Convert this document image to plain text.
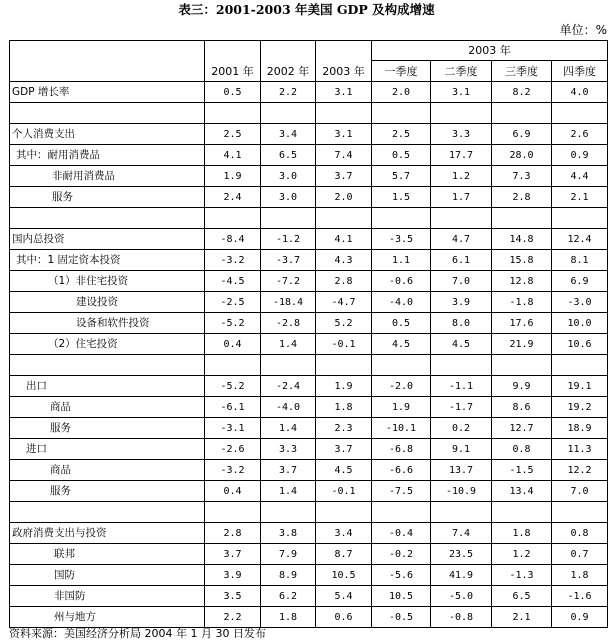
表三：2001-2003 年美国 GDP 及构成增速
单位：%
	2001 年	2002 年	2003 年	2003 年			
				一季度	二季度	三季度	四季度
GDP 增长率	0.5	2.2	3.1	2.0	3.1	8.2	4.0

个人消费支出	2.5	3.4	3.1	2.5	3.3	6.9	2.6
其中：耐用消费品	4.1	6.5	7.4	0.5	17.7	28.0	0.9
非耐用消费品	1.9	3.0	3.7	5.7	1.2	7.3	4.4
服务	2.4	3.0	2.0	1.5	1.7	2.8	2.1

国内总投资	-8.4	-1.2	4.1	-3.5	4.7	14.8	12.4
其中：1 固定资本投资	-3.2	-3.7	4.3	1.1	6.1	15.8	8.1
（1）非住宅投资	-4.5	-7.2	2.8	-0.6	7.0	12.8	6.9
建设投资	-2.5	-18.4	-4.7	-4.0	3.9	-1.8	-3.0
设备和软件投资	-5.2	-2.8	5.2	0.5	8.0	17.6	10.0
（2）住宅投资	0.4	1.4	-0.1	4.5	4.5	21.9	10.6

出口	-5.2	-2.4	1.9	-2.0	-1.1	9.9	19.1
商品	-6.1	-4.0	1.8	1.9	-1.7	8.6	19.2
服务	-3.1	1.4	2.3	-10.1	0.2	12.7	18.9
进口	-2.6	3.3	3.7	-6.8	9.1	0.8	11.3
商品	-3.2	3.7	4.5	-6.6	13.7	-1.5	12.2
服务	0.4	1.4	-0.1	-7.5	-10.9	13.4	7.0

政府消费支出与投资	2.8	3.8	3.4	-0.4	7.4	1.8	0.8
联邦	3.7	7.9	8.7	-0.2	23.5	1.2	0.7
国防	3.9	8.9	10.5	-5.6	41.9	-1.3	1.8
非国防	3.5	6.2	5.4	10.5	-5.0	6.5	-1.6
州与地方	2.2	1.8	0.6	-0.5	-0.8	2.1	0.9
资料来源：美国经济分析局 2004 年 1 月 30 日发布
